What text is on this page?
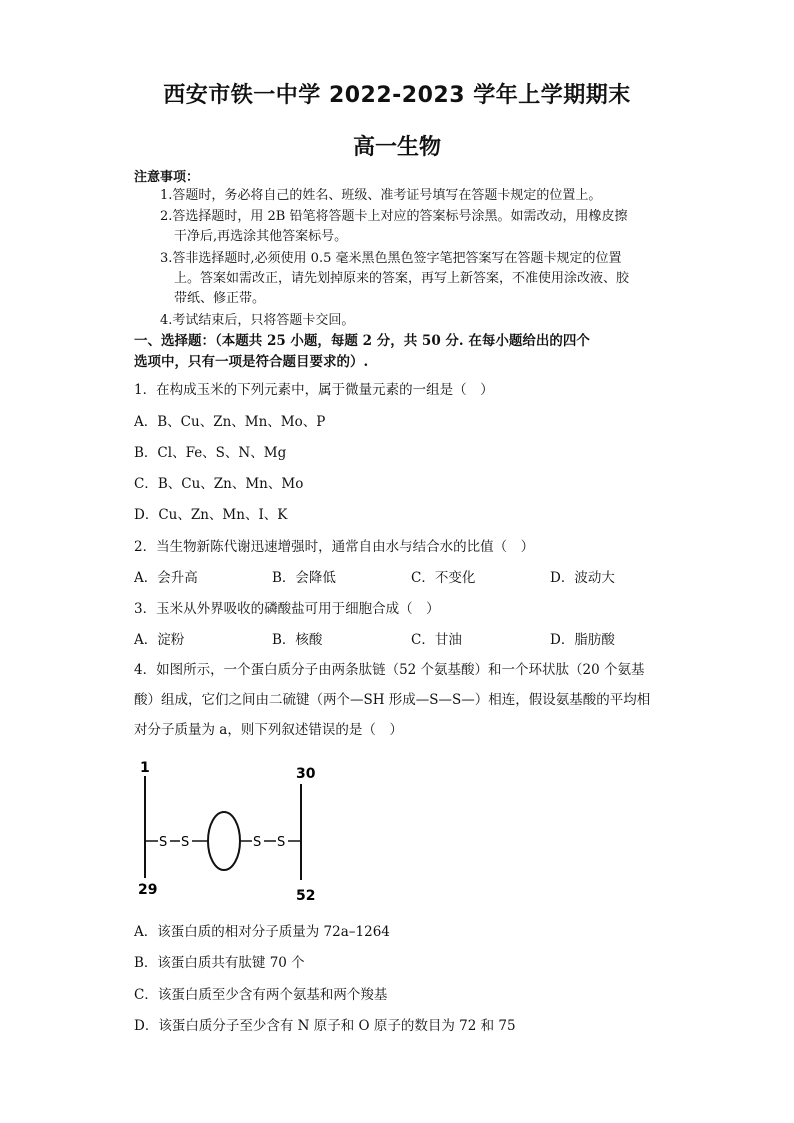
西安市铁一中学 2022-2023 学年上学期期末
高一生物
注意事项：
1.答题时，务必将自己的姓名、班级、准考证号填写在答题卡规定的位置上。
2.答选择题时，用 2B 铅笔将答题卡上对应的答案标号涂黑。如需改动，用橡皮擦
干净后,再选涂其他答案标号。
3.答非选择题时,必须使用 0.5 毫米黑色黑色签字笔把答案写在答题卡规定的位置
上。答案如需改正，请先划掉原来的答案，再写上新答案，不准使用涂改液、胶
带纸、修正带。
4.考试结束后，只将答题卡交回。
一、选择题：（本题共 25 小题，每题 2 分，共 50 分. 在每小题给出的四个
选项中，只有一项是符合题目要求的）.
1．在构成玉米的下列元素中，属于微量元素的一组是（　）
A．B、Cu、Zn、Mn、Mo、P
B．Cl、Fe、S、N、Mg
C．B、Cu、Zn、Mn、Mo
D．Cu、Zn、Mn、I、K
2．当生物新陈代谢迅速增强时，通常自由水与结合水的比值（　）
A．会升高	B．会降低	C．不变化	D．波动大
3．玉米从外界吸收的磷酸盐可用于细胞合成（　）
A．淀粉	B．核酸	C．甘油	D．脂肪酸
4．如图所示，一个蛋白质分子由两条肽链（52 个氨基酸）和一个环状肽（20 个氨基
酸）组成，它们之间由二硫键（两个—SH 形成—S—S—）相连，假设氨基酸的平均相
对分子质量为 a，则下列叙述错误的是（　）
1
29
30
52
S S	S S
A．该蛋白质的相对分子质量为 72a–1264
B．该蛋白质共有肽键 70 个
C．该蛋白质至少含有两个氨基和两个羧基
D．该蛋白质分子至少含有 N 原子和 O 原子的数目为 72 和 75
